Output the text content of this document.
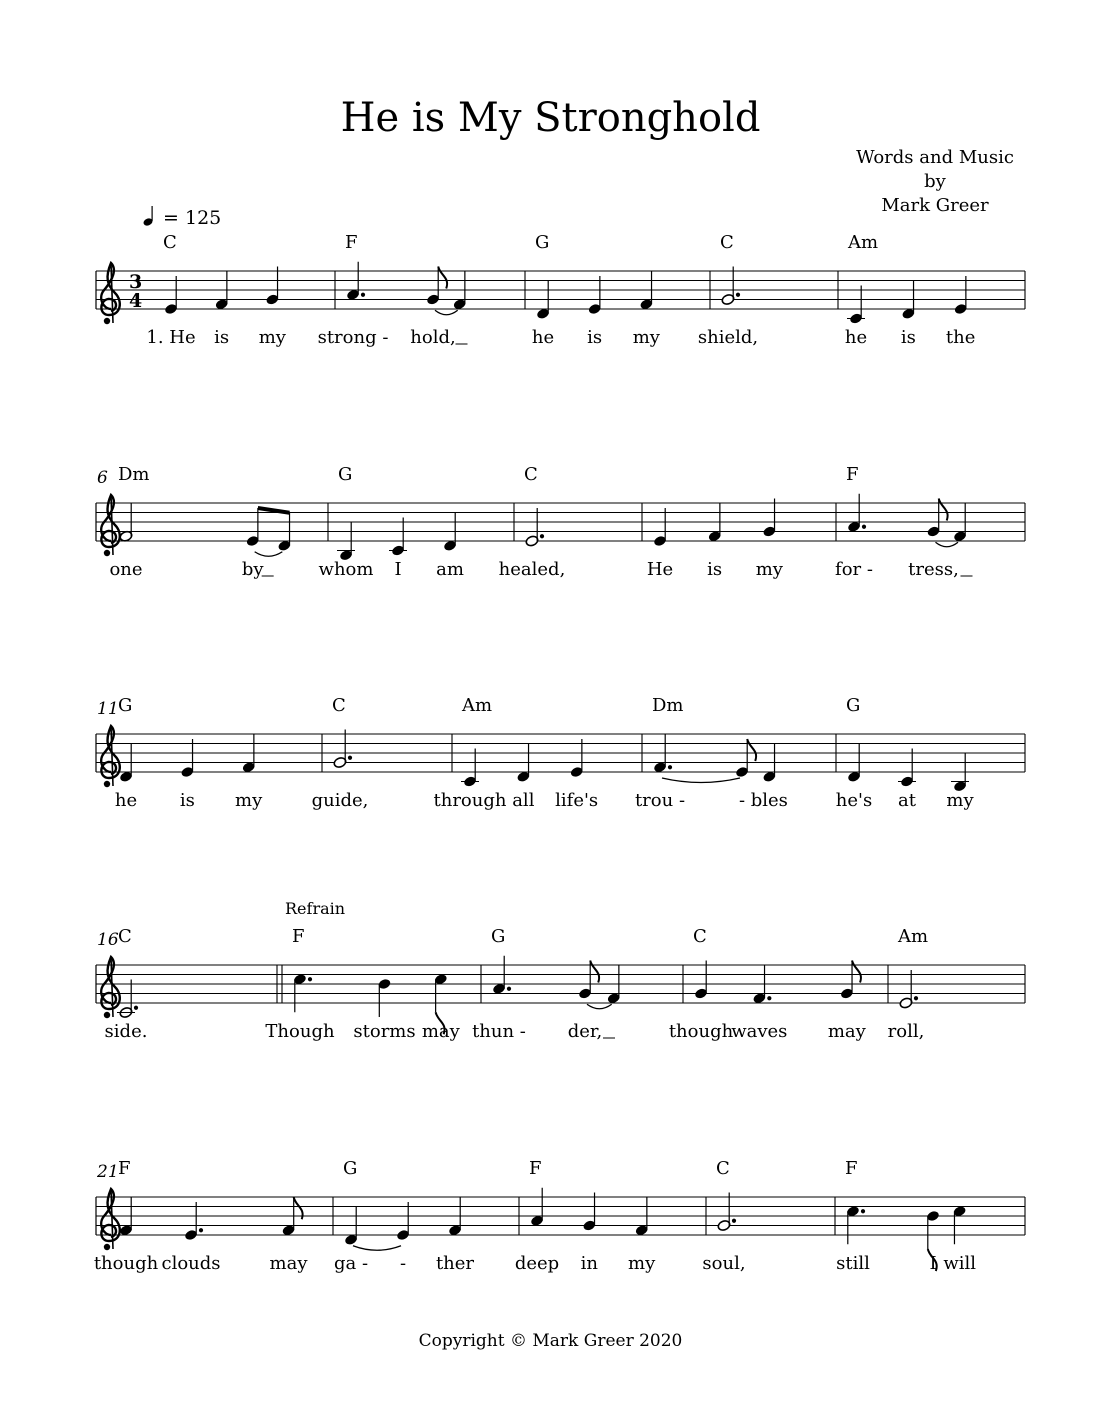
He is My Stronghold
Words and Music
by
Mark Greer
= 125
3
4
C
1. He is my
F
strong - hold,
G
he is my
C
shield,
Am
he is the
6 Dm
one	by
G
whom I am
C
healed,	He is my
F
for - tress,
11 G
he is my
C
guide,
Am
through all life's
Dm
trou -	- bles
G
he's at my
16 C
side.
F
Refrain
Though storms may
G
thun - der,
C
though
waves may
Am
roll,
21 F
though clouds	may
G
ga - - ther
F
deep in my
C
soul,
F
still	I will
Copyright © Mark Greer 2020
